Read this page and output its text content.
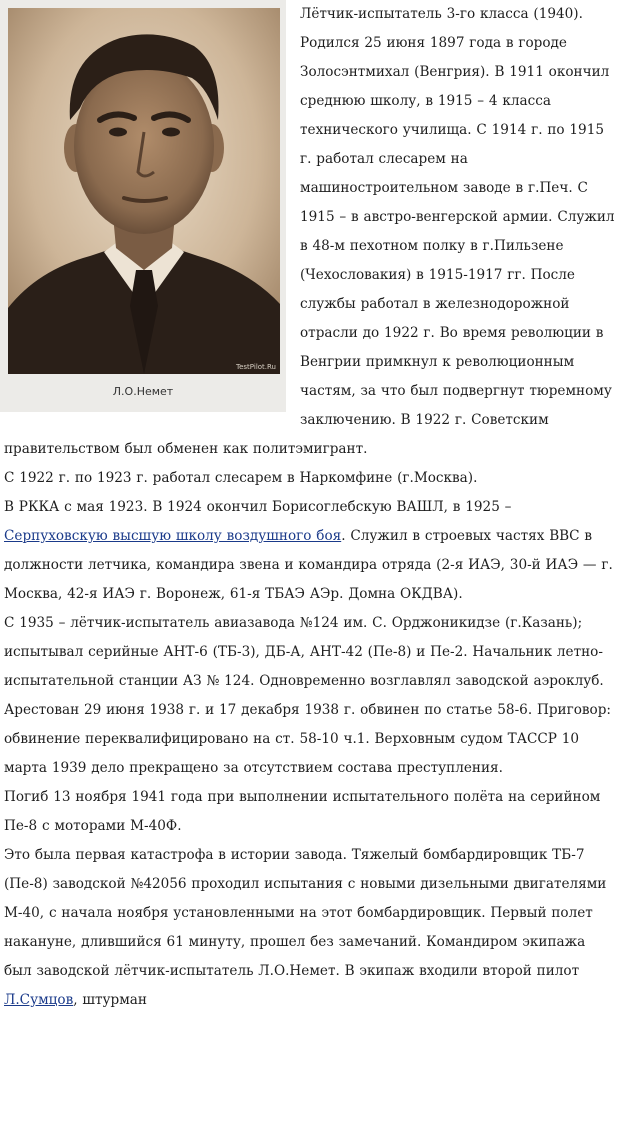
TestPilot.Ru
Л.О.Немет

Лётчик-испытатель 3-го класса (1940). Родился 25 июня 1897 года в городе Золосэнтмихал (Венгрия). В 1911 окончил среднюю школу, в 1915 – 4 класса технического училища. С 1914 г. по 1915 г. работал слесарем на машиностроительном заводе в г.Печ. С 1915 – в австро-венгерской армии. Служил в 48-м пехотном полку в г.Пильзене (Чехословакия) в 1915-1917 гг. После службы работал в железнодорожной отрасли до 1922 г. Во время революции в Венгрии примкнул к революционным частям, за что был подвергнут тюремному заключению. В 1922 г. Советским правительством был обменен как политэмигрант.

С 1922 г. по 1923 г. работал слесарем в Наркомфине (г.Москва).

В РККА с мая 1923. В 1924 окончил Борисоглебскую ВАШЛ, в 1925 – Серпуховскую высшую школу воздушного боя. Служил в строевых частях ВВС в должности летчика, командира звена и командира отряда (2-я ИАЭ, 30-й ИАЭ — г. Москва, 42-я ИАЭ г. Воронеж, 61-я ТБАЭ АЭр. Домна ОКДВА).

С 1935 – лётчик-испытатель авиазавода №124 им. С. Орджоникидзе (г.Казань); испытывал серийные АНТ-6 (ТБ-3), ДБ-А, АНТ-42 (Пе-8) и Пе-2. Начальник летно-испытательной станции АЗ № 124. Одновременно возглавлял заводской аэроклуб.

Арестован 29 июня 1938 г. и 17 декабря 1938 г. обвинен по статье 58-6. Приговор: обвинение переквалифицировано на ст. 58-10 ч.1. Верховным судом ТАССР 10 марта 1939 дело прекращено за отсутствием состава преступления.

Погиб 13 ноября 1941 года при выполнении испытательного полёта на серийном Пе-8 с моторами М-40Ф.

Это была первая катастрофа в истории завода. Тяжелый бомбардировщик ТБ-7 (Пе-8) заводской №42056 проходил испытания с новыми дизельными двигателями М-40, с начала ноября установленными на этот бомбардировщик. Первый полет накануне, длившийся 61 минуту, прошел без замечаний. Командиром экипажа был заводской лётчик-испытатель Л.О.Немет. В экипаж входили второй пилот Л.Сумцов, штурман
